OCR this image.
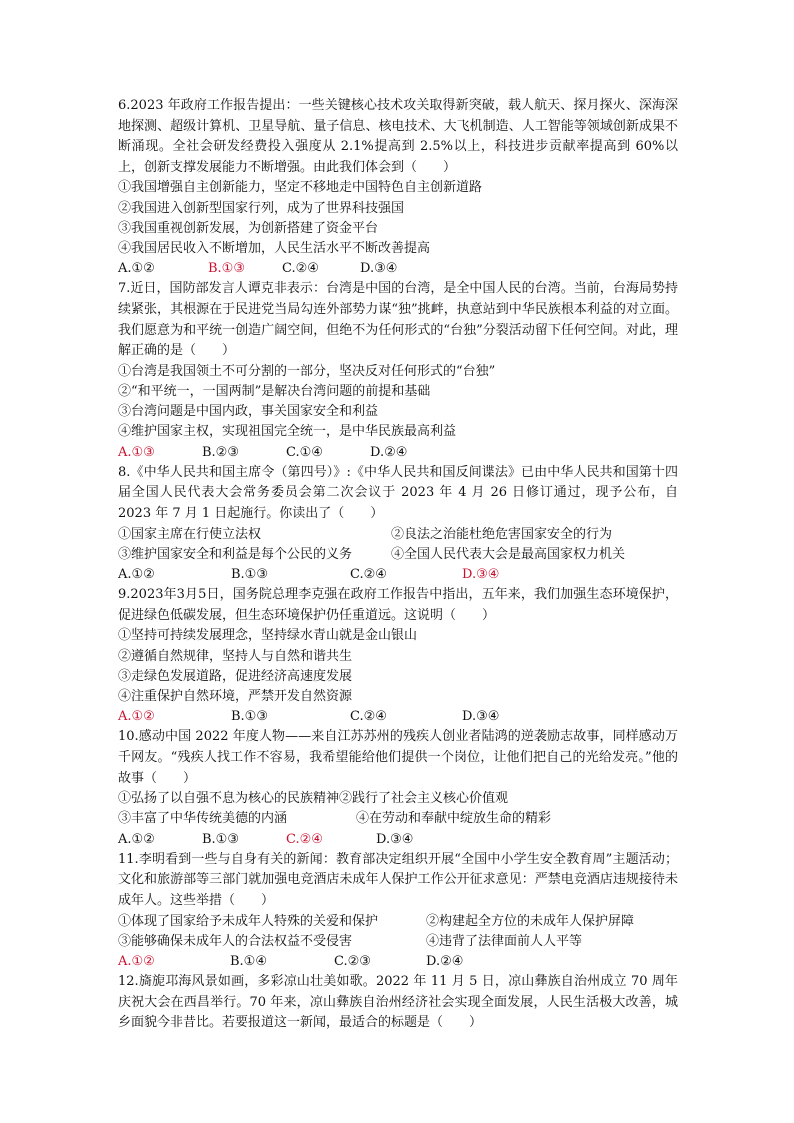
6.2023 年政府工作报告提出：一些关键核心技术攻关取得新突破，载人航天、探月探火、深海深地探测、超级计算机、卫星导航、量子信息、核电技术、大飞机制造、人工智能等领域创新成果不断涌现。全社会研发经费投入强度从 2.1%提高到 2.5%以上，科技进步贡献率提高到 60%以上，创新支撑发展能力不断增强。由此我们体会到（　　）

①我国增强自主创新能力，坚定不移地走中国特色自主创新道路

②我国进入创新型国家行列，成为了世界科技强国

③我国重视创新发展，为创新搭建了资金平台

④我国居民收入不断增加，人民生活水平不断改善提高

A.①②	B.①③	C.②④	D.③④

7.近日，国防部发言人谭克非表示：台湾是中国的台湾，是全中国人民的台湾。当前，台海局势持续紧张，其根源在于民进党当局勾连外部势力谋“独”挑衅，执意站到中华民族根本利益的对立面。我们愿意为和平统一创造广阔空间，但绝不为任何形式的“台独”分裂活动留下任何空间。对此，理解正确的是（　　）

①台湾是我国领土不可分割的一部分，坚决反对任何形式的“台独”

②“和平统一，一国两制”是解决台湾问题的前提和基础

③台湾问题是中国内政，事关国家安全和利益

④维护国家主权，实现祖国完全统一，是中华民族最高利益

A.①③	B.②③	C.①④	D.②④

8.《中华人民共和国主席令（第四号）》:《中华人民共和国反间谍法》已由中华人民共和国第十四届全国人民代表大会常务委员会第二次会议于 2023 年 4 月 26 日修订通过，现予公布，自 2023 年 7 月 1 日起施行。你读出了（　　）

①国家主席在行使立法权	②良法之治能杜绝危害国家安全的行为
③维护国家安全和利益是每个公民的义务	④全国人民代表大会是最高国家权力机关
A.①②	B.①③	C.②④	D.③④

9.2023年3月5日，国务院总理李克强在政府工作报告中指出，五年来，我们加强生态环境保护，促进绿色低碳发展，但生态环境保护仍任重道远。这说明（　　）

①坚持可持续发展理念，坚持绿水青山就是金山银山

②遵循自然规律，坚持人与自然和谐共生

③走绿色发展道路，促进经济高速度发展

④注重保护自然环境，严禁开发自然资源

A.①②	B.①③	C.②④	D.③④

10.感动中国 2022 年度人物——来自江苏苏州的残疾人创业者陆鸿的逆袭励志故事，同样感动万千网友。“残疾人找工作不容易，我希望能给他们提供一个岗位，让他们把自己的光给发亮。”他的故事（　　）

①弘扬了以自强不息为核心的民族精神②践行了社会主义核心价值观
③丰富了中华传统美德的内涵	④在劳动和奉献中绽放生命的精彩
A.①②	B.①③	C.②④	D.③④

11.李明看到一些与自身有关的新闻：教育部决定组织开展“全国中小学生安全教育周”主题活动；文化和旅游部等三部门就加强电竞酒店未成年人保护工作公开征求意见：严禁电竞酒店违规接待未成年人。这些举措（　　）

①体现了国家给予未成年人特殊的关爱和保护	②构建起全方位的未成年人保护屏障
③能够确保未成年人的合法权益不受侵害	④违背了法律面前人人平等
A.①②	B.①④	C.②③	D.②④

12.旖旎邛海风景如画，多彩凉山壮美如歌。2022 年 11 月 5 日，凉山彝族自治州成立 70 周年庆祝大会在西昌举行。70 年来，凉山彝族自治州经济社会实现全面发展，人民生活极大改善，城乡面貌今非昔比。若要报道这一新闻，最适合的标题是（　　）
